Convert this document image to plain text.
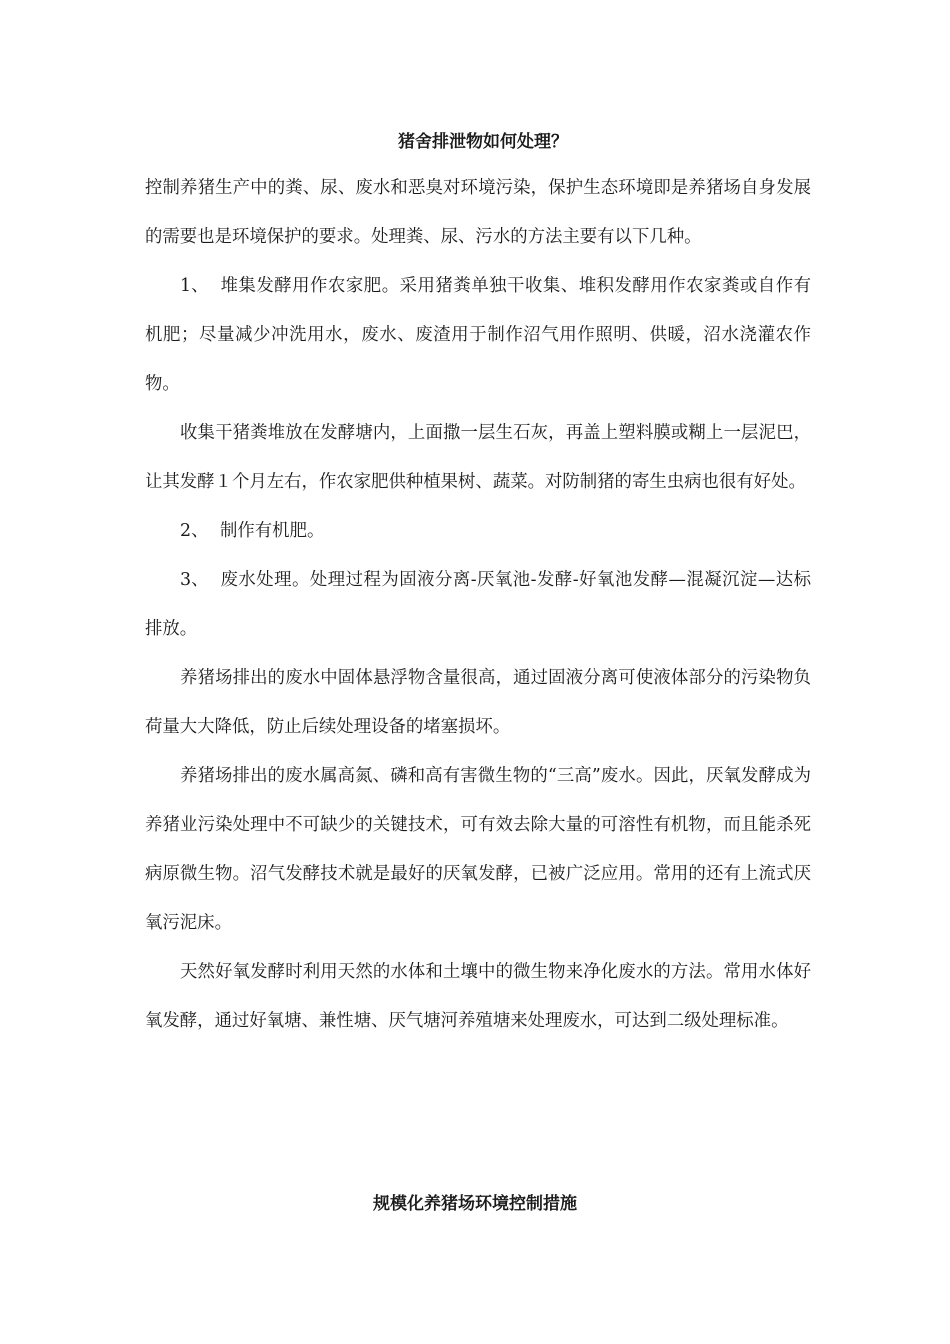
猪舍排泄物如何处理？

控制养猪生产中的粪、尿、废水和恶臭对环境污染，保护生态环境即是养猪场自身发展的需要也是环境保护的要求。处理粪、尿、污水的方法主要有以下几种。

1、 堆集发酵用作农家肥。采用猪粪单独干收集、堆积发酵用作农家粪或自作有机肥；尽量减少冲洗用水，废水、废渣用于制作沼气用作照明、供暖，沼水浇灌农作物。

收集干猪粪堆放在发酵塘内，上面撒一层生石灰，再盖上塑料膜或糊上一层泥巴，让其发酵１个月左右，作农家肥供种植果树、蔬菜。对防制猪的寄生虫病也很有好处。

2、 制作有机肥。

3、 废水处理。处理过程为固液分离-厌氧池-发酵-好氧池发酵—混凝沉淀—达标排放。

养猪场排出的废水中固体悬浮物含量很高，通过固液分离可使液体部分的污染物负荷量大大降低，防止后续处理设备的堵塞损坏。

养猪场排出的废水属高氮、磷和高有害微生物的“三高”废水。因此，厌氧发酵成为养猪业污染处理中不可缺少的关键技术，可有效去除大量的可溶性有机物，而且能杀死病原微生物。沼气发酵技术就是最好的厌氧发酵，已被广泛应用。常用的还有上流式厌氧污泥床。

天然好氧发酵时利用天然的水体和土壤中的微生物来净化废水的方法。常用水体好氧发酵，通过好氧塘、兼性塘、厌气塘河养殖塘来处理废水，可达到二级处理标准。

规模化养猪场环境控制措施
